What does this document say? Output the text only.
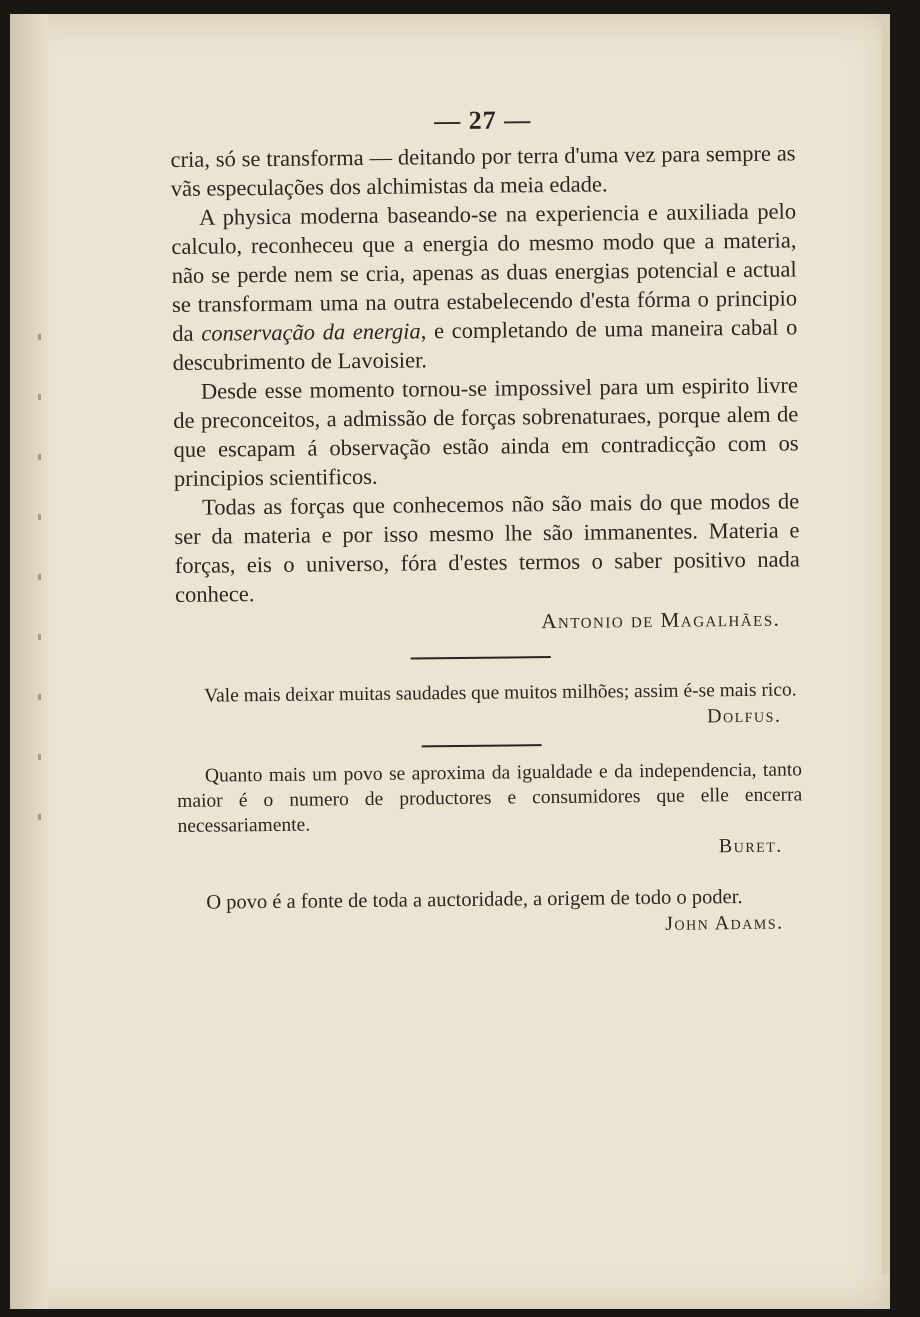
— 27 —

cria, só se transforma — deitando por terra d'uma vez para sempre as vãs especulações dos alchimistas da meia edade.

A physica moderna baseando-se na experiencia e auxiliada pelo calculo, reconheceu que a energia do mesmo modo que a materia, não se perde nem se cria, apenas as duas energias potencial e actual se transformam uma na outra estabelecendo d'esta fórma o principio da conservação da energia, e completando de uma maneira cabal o descubrimento de Lavoisier.

Desde esse momento tornou-se impossivel para um espirito livre de preconceitos, a admissão de forças sobrenaturaes, porque alem de que escapam á observação estão ainda em contradicção com os principios scientificos.

Todas as forças que conhecemos não são mais do que modos de ser da materia e por isso mesmo lhe são immanentes. Materia e forças, eis o universo, fóra d'estes termos o saber positivo nada conhece.

Antonio de Magalhães.

Vale mais deixar muitas saudades que muitos milhões; assim é-se mais rico.

Dolfus.

Quanto mais um povo se aproxima da igualdade e da independencia, tanto maior é o numero de productores e consumidores que elle encerra necessariamente.

Buret.

O povo é a fonte de toda a auctoridade, a origem de todo o poder.

John Adams.
